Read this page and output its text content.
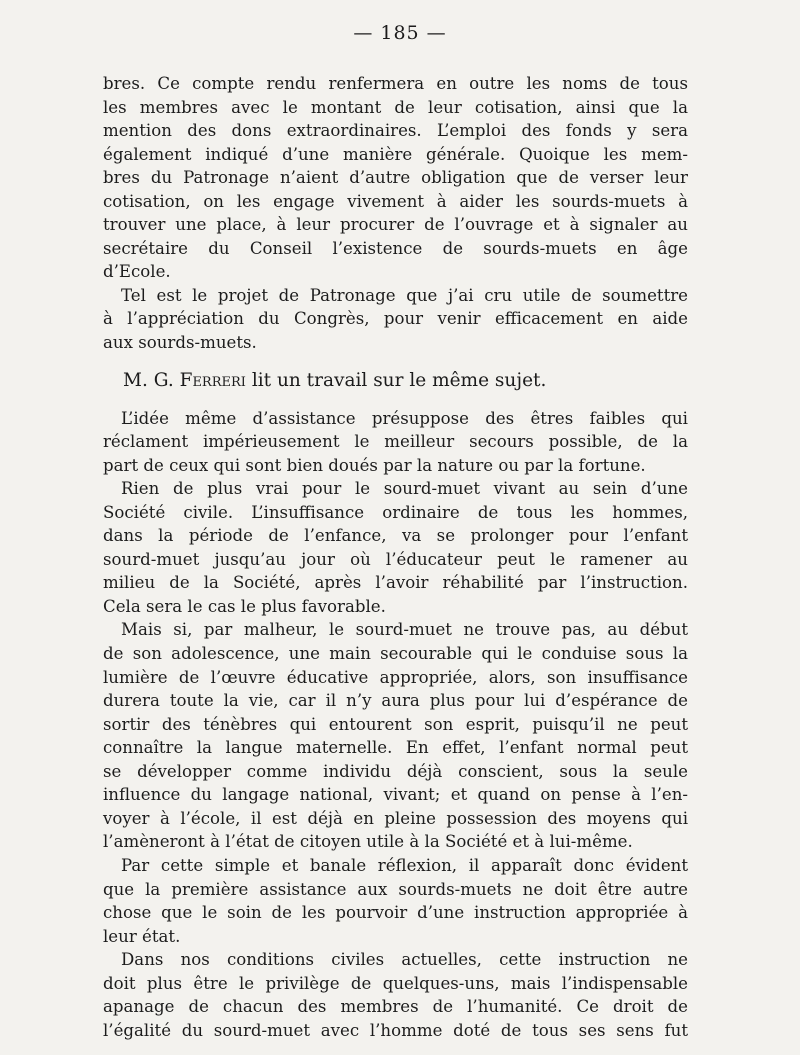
— 185 —

bres. Ce compte rendu renfermera en outre les noms de tous
les membres avec le montant de leur cotisation, ainsi que la
mention des dons extraordinaires. L’emploi des fonds y sera
également indiqué d’une manière générale. Quoique les mem-
bres du Patronage n’aient d’autre obligation que de verser leur
cotisation, on les engage vivement à aider les sourds-muets à
trouver une place, à leur procurer de l’ouvrage et à signaler au
secrétaire du Conseil l’existence de sourds-muets en âge
d’Ecole.

Tel est le projet de Patronage que j’ai cru utile de soumettre
à l’appréciation du Congrès, pour venir efficacement en aide
aux sourds-muets.

M. G. Ferreri lit un travail sur le même sujet.

L’idée même d’assistance présuppose des êtres faibles qui
réclament impérieusement le meilleur secours possible, de la
part de ceux qui sont bien doués par la nature ou par la fortune.

Rien de plus vrai pour le sourd-muet vivant au sein d’une
Société civile. L’insuffisance ordinaire de tous les hommes,
dans la période de l’enfance, va se prolonger pour l’enfant
sourd-muet jusqu’au jour où l’éducateur peut le ramener au
milieu de la Société, après l’avoir réhabilité par l’instruction.
Cela sera le cas le plus favorable.

Mais si, par malheur, le sourd-muet ne trouve pas, au début
de son adolescence, une main secourable qui le conduise sous la
lumière de l’œuvre éducative appropriée, alors, son insuffisance
durera toute la vie, car il n’y aura plus pour lui d’espérance de
sortir des ténèbres qui entourent son esprit, puisqu’il ne peut
connaître la langue maternelle. En effet, l’enfant normal peut
se développer comme individu déjà conscient, sous la seule
influence du langage national, vivant; et quand on pense à l’en-
voyer à l’école, il est déjà en pleine possession des moyens qui
l’amèneront à l’état de citoyen utile à la Société et à lui-même.

Par cette simple et banale réflexion, il apparaît donc évident
que la première assistance aux sourds-muets ne doit être autre
chose que le soin de les pourvoir d’une instruction appropriée à
leur état.

Dans nos conditions civiles actuelles, cette instruction ne
doit plus être le privilège de quelques-uns, mais l’indispensable
apanage de chacun des membres de l’humanité. Ce droit de
l’égalité du sourd-muet avec l’homme doté de tous ses sens fut
